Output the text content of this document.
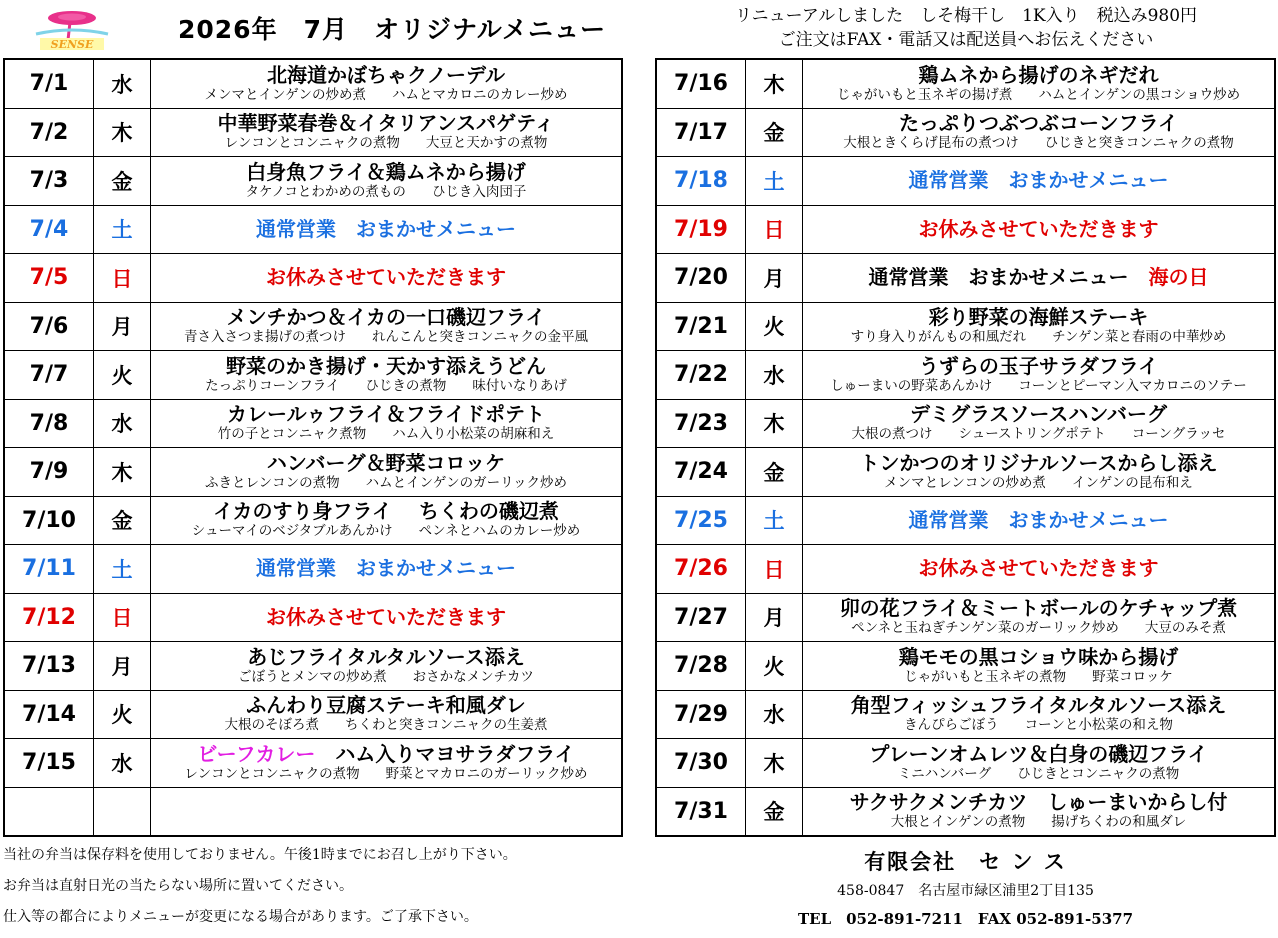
SENSE
2026年　7月　オリジナルメニュー	リニューアルしました　しそ梅干し　1K入り　税込み980円
ご注文はFAX・電話又は配送員へお伝えください
7/1	水	北海道かぼちゃクノーデル
メンマとインゲンの炒め煮 ハムとマカロニのカレー炒め

7/2	木	中華野菜春巻＆イタリアンスパゲティ
レンコンとコンニャクの煮物 大豆と天かすの煮物

7/3	金	白身魚フライ＆鶏ムネから揚げ
タケノコとわかめの煮もの ひじき入肉団子

7/4	土	通常営業　おまかせメニュー

7/5	日	お休みさせていただきます

7/6	月	メンチかつ＆イカの一口磯辺フライ
青さ入さつま揚げの煮つけ れんこんと突きコンニャクの金平風

7/7	火	野菜のかき揚げ・天かす添えうどん
たっぷりコーンフライ ひじきの煮物 味付いなりあげ

7/8	水	カレールゥフライ＆フライドポテト
竹の子とコンニャク煮物 ハム入り小松菜の胡麻和え

7/9	木	ハンバーグ＆野菜コロッケ
ふきとレンコンの煮物 ハムとインゲンのガーリック炒め

7/10	金	イカのすり身フライ　 ちくわの磯辺煮
シューマイのベジタブルあんかけ ペンネとハムのカレー炒め

7/11	土	通常営業　おまかせメニュー

7/12	日	お休みさせていただきます

7/13	月	あじフライタルタルソース添え
ごぼうとメンマの炒め煮 おさかなメンチカツ

7/14	火	ふんわり豆腐ステーキ和風ダレ
大根のそぼろ煮 ちくわと突きコンニャクの生姜煮

7/15	水	ビーフカレー　 ハム入りマヨサラダフライ
レンコンとコンニャクの煮物 野菜とマカロニのガーリック炒め

7/16	木	鶏ムネから揚げのネギだれ
じゃがいもと玉ネギの揚げ煮 ハムとインゲンの黒コショウ炒め

7/17	金	たっぷりつぶつぶコーンフライ
大根ときくらげ昆布の煮つけ ひじきと突きコンニャクの煮物

7/18	土	通常営業　おまかせメニュー

7/19	日	お休みさせていただきます

7/20	月	通常営業　おまかせメニュー　 海の日

7/21	火	彩り野菜の海鮮ステーキ
すり身入りがんもの和風だれ チンゲン菜と春雨の中華炒め

7/22	水	うずらの玉子サラダフライ
しゅーまいの野菜あんかけ コーンとピーマン入マカロニのソテー

7/23	木	デミグラスソースハンバーグ
大根の煮つけ シューストリングポテト コーングラッセ

7/24	金	トンかつのオリジナルソースからし添え
メンマとレンコンの炒め煮 インゲンの昆布和え

7/25	土	通常営業　おまかせメニュー

7/26	日	お休みさせていただきます

7/27	月	卯の花フライ＆ミートボールのケチャップ煮
ペンネと玉ねぎチンゲン菜のガーリック炒め 大豆のみそ煮

7/28	火	鶏モモの黒コショウ味から揚げ
じゃがいもと玉ネギの煮物 野菜コロッケ

7/29	水	角型フィッシュフライタルタルソース添え
きんぴらごぼう コーンと小松菜の和え物

7/30	木	プレーンオムレツ＆白身の磯辺フライ
ミニハンバーグ ひじきとコンニャクの煮物

7/31	金	サクサクメンチカツ　しゅーまいからし付
大根とインゲンの煮物 揚げちくわの和風ダレ
当社の弁当は保存料を使用しておりません。午後1時までにお召し上がり下さい。
お弁当は直射日光の当たらない場所に置いてください。
仕入等の都合によりメニューが変更になる場合があります。ご了承下さい。
有限会社　セ ン ス
458-0847　名古屋市緑区浦里2丁目135
TEL　052-891-7211　FAX 052-891-5377
